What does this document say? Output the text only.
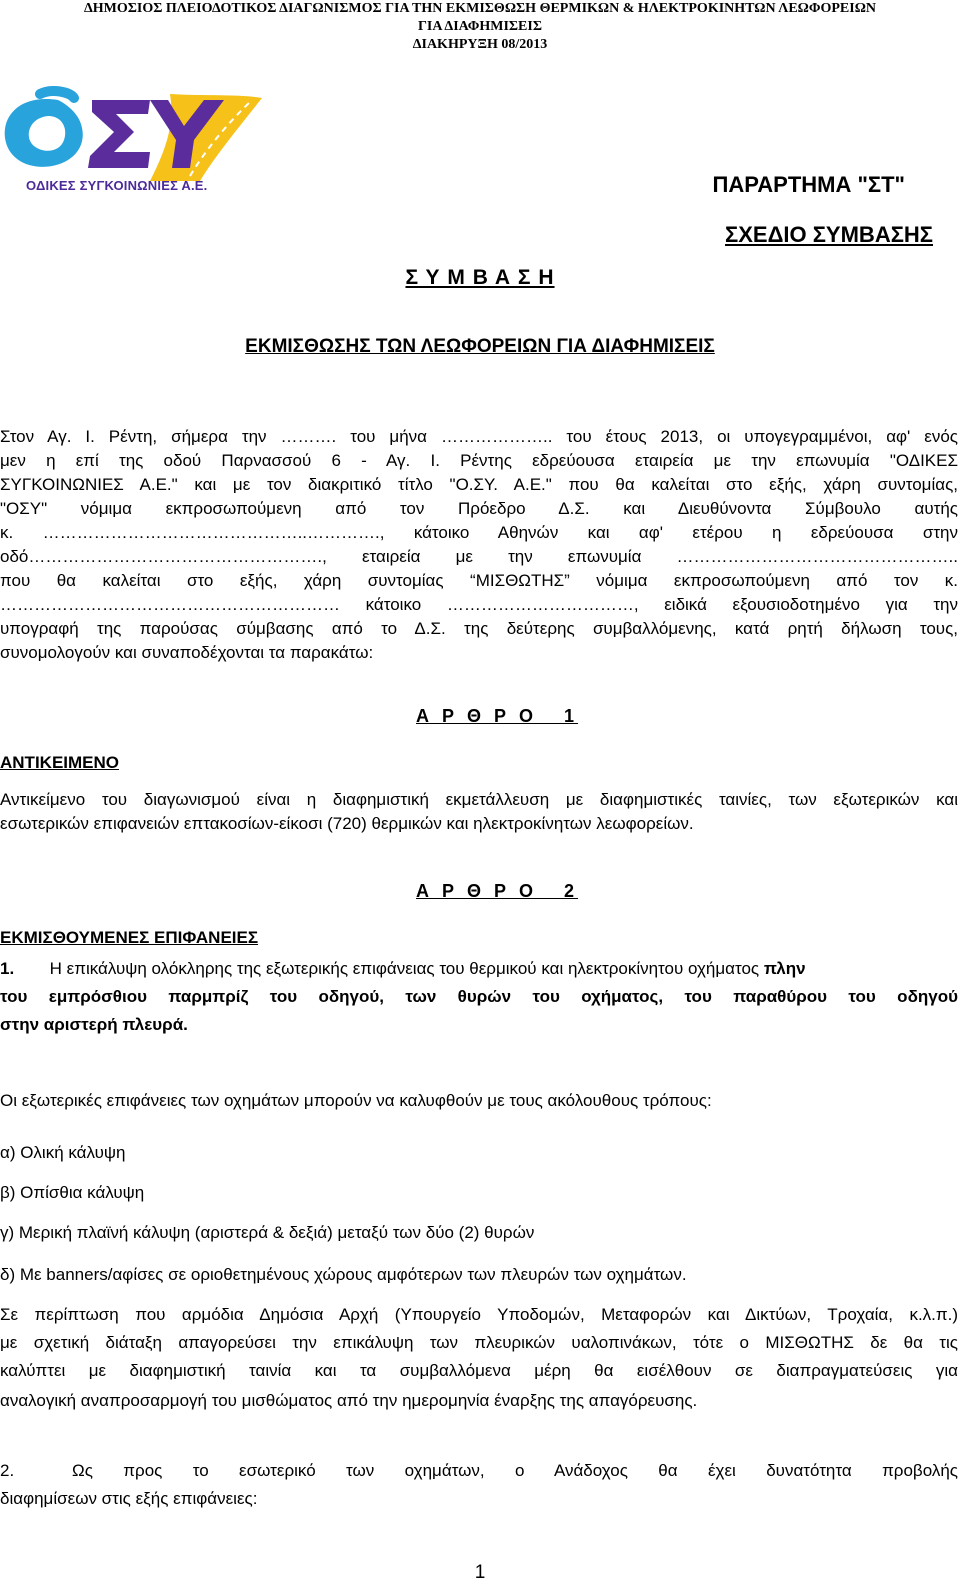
ΔΗΜΟΣΙΟΣ ΠΛΕΙΟΔΟΤΙΚΟΣ ΔΙΑΓΩΝΙΣΜΟΣ ΓΙΑ ΤΗΝ ΕΚΜΙΣΘΩΣΗ ΘΕΡΜΙΚΩΝ & ΗΛΕΚΤΡΟΚΙΝΗΤΩΝ ΛΕΩΦΟΡΕΙΩΝ
ΓΙΑ ΔΙΑΦΗΜΙΣΕΙΣ
ΔΙΑΚΗΡΥΞΗ 08/2013
ΟΔΙΚΕΣ ΣΥΓΚΟΙΝΩΝΙΕΣ Α.Ε.	ΠΑΡΑΡΤΗΜΑ "ΣΤ"
ΣΧΕΔΙΟ ΣΥΜΒΑΣΗΣ
Σ Υ Μ Β Α Σ Η
ΕΚΜΙΣΘΩΣΗΣ ΤΩΝ ΛΕΩΦΟΡΕΙΩΝ ΓΙΑ ΔΙΑΦΗΜΙΣΕΙΣ
Στον Αγ. Ι. Ρέντη, σήμερα την ………. του μήνα ……………….. του έτους 2013, οι υπογεγραμμένοι, αφ' ενός
μεν η επί της οδού Παρνασσού 6 - Αγ. Ι. Ρέντης εδρεύουσα εταιρεία με την επωνυμία "ΟΔΙΚΕΣ
ΣΥΓΚΟΙΝΩΝΙΕΣ Α.Ε." και με τον διακριτικό τίτλο "Ο.ΣΥ. Α.Ε." που θα καλείται στο εξής, χάρη συντομίας,
"ΟΣΥ" νόμιμα εκπροσωπούμενη από τον Πρόεδρο Δ.Σ. και Διευθύνοντα Σύμβουλο αυτής
κ. ………………………………………..…………., κάτοικο Αθηνών και αφ' ετέρου η εδρεύουσα στην
οδό……………………………………………., εταιρεία με την επωνυμία …………………………………………..
που θα καλείται στο εξής, χάρη συντομίας “ΜΙΣΘΩΤΗΣ” νόμιμα εκπροσωπούμενη από τον κ.
…………………………………………………… κάτοικο ……………………………, ειδικά εξουσιοδοτημένο για την
υπογραφή της παρούσας σύμβασης από το Δ.Σ. της δεύτερης συμβαλλόμενης, κατά ρητή δήλωση τους,
συνομολογούν και συναποδέχονται τα παρακάτω:
Α Ρ Θ Ρ Ο   1
ΑΝΤΙΚΕΙΜΕΝΟ
Αντικείμενο του διαγωνισμού είναι η διαφημιστική εκμετάλλευση με διαφημιστικές ταινίες, των εξωτερικών και
εσωτερικών επιφανειών επτακοσίων-είκοσι (720) θερμικών και ηλεκτροκίνητων λεωφορείων.
Α Ρ Θ Ρ Ο   2
ΕΚΜΙΣΘΟΥΜΕΝΕΣ ΕΠΙΦΑΝΕΙΕΣ
1. Η επικάλυψη ολόκληρης της εξωτερικής επιφάνειας του θερμικού και ηλεκτροκίνητου οχήματος πλην
του εμπρόσθιου παρμπρίζ του οδηγού, των θυρών του οχήματος, του παραθύρου του οδηγού
στην αριστερή πλευρά.
Οι εξωτερικές επιφάνειες των οχημάτων μπορούν να καλυφθούν με τους ακόλουθους τρόπους:
α) Ολική κάλυψη
β) Οπίσθια κάλυψη
γ) Μερική πλαϊνή κάλυψη (αριστερά & δεξιά) μεταξύ των δύο (2) θυρών
δ) Με banners/αφίσες σε οριοθετημένους χώρους αμφότερων των πλευρών των οχημάτων.
Σε περίπτωση που αρμόδια Δημόσια Αρχή (Υπουργείο Υποδομών, Μεταφορών και Δικτύων, Τροχαία, κ.λ.π.)
με σχετική διάταξη απαγορεύσει την επικάλυψη των πλευρικών υαλοπινάκων, τότε ο ΜΙΣΘΩΤΗΣ δε θα τις
καλύπτει με διαφημιστική ταινία και τα συμβαλλόμενα μέρη θα εισέλθουν σε διαπραγματεύσεις για
αναλογική αναπροσαρμογή του μισθώματος από την ημερομηνία έναρξης της απαγόρευσης.
2.	Ως προς το εσωτερικό των οχημάτων, ο Ανάδοχος θα έχει δυνατότητα προβολής
διαφημίσεων στις εξής επιφάνειες:
1
